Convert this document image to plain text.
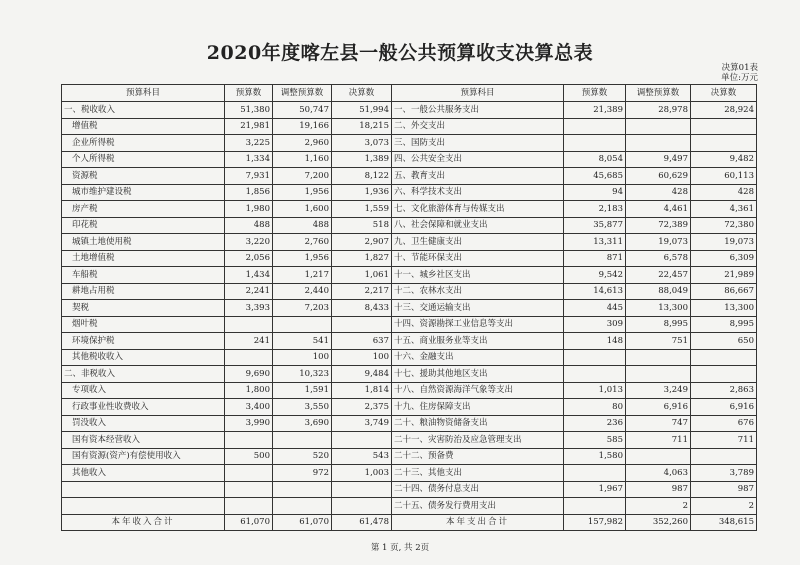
2020年度喀左县一般公共预算收支决算总表
决算01表
单位:万元
预算科目	预算数	调整预算数	决算数	预算科目	预算数	调整预算数	决算数
一、税收收入	51,380	50,747	51,994	一、一般公共服务支出	21,389	28,978	28,924
增值税	21,981	19,166	18,215	二、外交支出			
企业所得税	3,225	2,960	3,073	三、国防支出			
个人所得税	1,334	1,160	1,389	四、公共安全支出	8,054	9,497	9,482
资源税	7,931	7,200	8,122	五、教育支出	45,685	60,629	60,113
城市维护建设税	1,856	1,956	1,936	六、科学技术支出	94	428	428
房产税	1,980	1,600	1,559	七、文化旅游体育与传媒支出	2,183	4,461	4,361
印花税	488	488	518	八、社会保障和就业支出	35,877	72,389	72,380
城镇土地使用税	3,220	2,760	2,907	九、卫生健康支出	13,311	19,073	19,073
土地增值税	2,056	1,956	1,827	十、节能环保支出	871	6,578	6,309
车船税	1,434	1,217	1,061	十一、城乡社区支出	9,542	22,457	21,989
耕地占用税	2,241	2,440	2,217	十二、农林水支出	14,613	88,049	86,667
契税	3,393	7,203	8,433	十三、交通运输支出	445	13,300	13,300
烟叶税				十四、资源勘探工业信息等支出	309	8,995	8,995
环境保护税	241	541	637	十五、商业服务业等支出	148	751	650
其他税收收入		100	100	十六、金融支出			
二、非税收入	9,690	10,323	9,484	十七、援助其他地区支出			
专项收入	1,800	1,591	1,814	十八、自然资源海洋气象等支出	1,013	3,249	2,863
行政事业性收费收入	3,400	3,550	2,375	十九、住房保障支出	80	6,916	6,916
罚没收入	3,990	3,690	3,749	二十、粮油物资储备支出	236	747	676
国有资本经营收入				二十一、灾害防治及应急管理支出	585	711	711
国有资源(资产)有偿使用收入	500	520	543	二十二、预备费	1,580		
其他收入		972	1,003	二十三、其他支出		4,063	3,789
				二十四、债务付息支出	1,967	987	987
				二十五、债务发行费用支出		2	2
本年收入合计	61,070	61,070	61,478	本年支出合计	157,982	352,260	348,615
第 1 页, 共 2页
